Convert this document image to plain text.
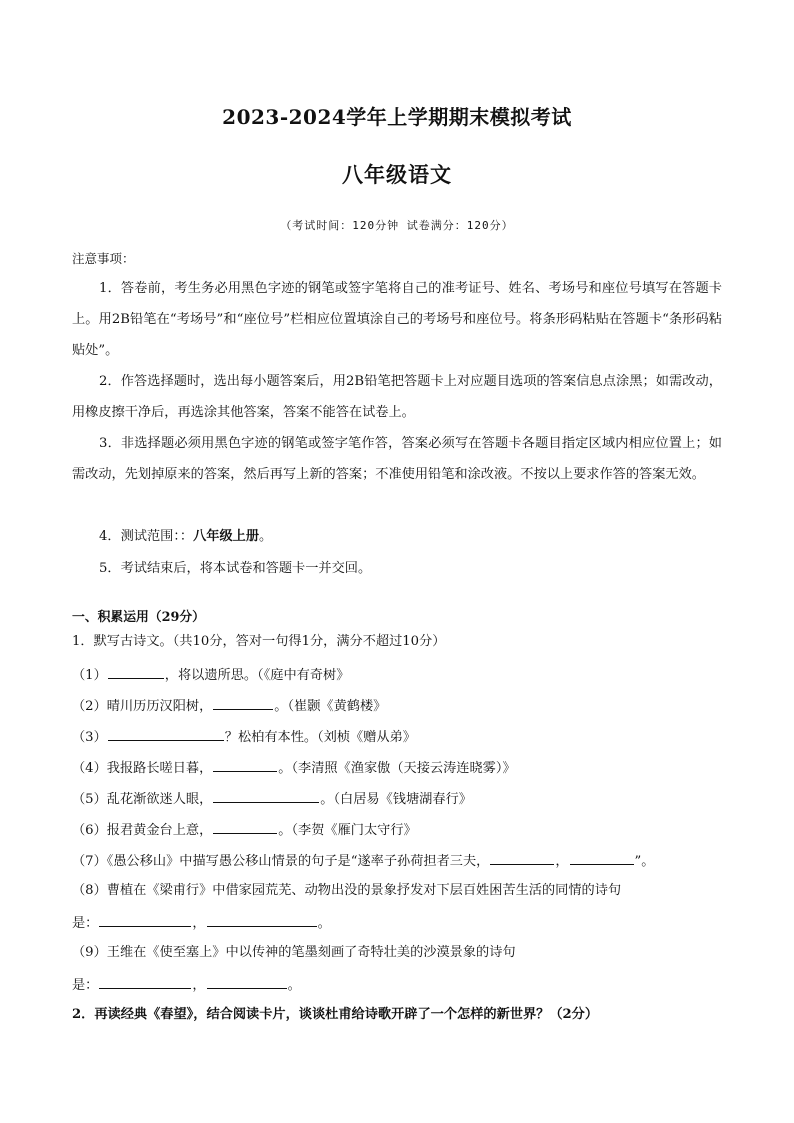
2023-2024学年上学期期末模拟考试
八年级语文
（考试时间：120分钟 试卷满分：120分）
注意事项：
1．答卷前，考生务必用黑色字迹的钢笔或签字笔将自己的准考证号、姓名、考场号和座位号填写在答题卡上。用2B铅笔在“考场号”和“座位号”栏相应位置填涂自己的考场号和座位号。将条形码粘贴在答题卡“条形码粘贴处”。
2．作答选择题时，选出每小题答案后，用2B铅笔把答题卡上对应题目选项的答案信息点涂黑；如需改动，用橡皮擦干净后，再选涂其他答案，答案不能答在试卷上。
3．非选择题必须用黑色字迹的钢笔或签字笔作答，答案必须写在答题卡各题目指定区域内相应位置上；如需改动，先划掉原来的答案，然后再写上新的答案；不准使用铅笔和涂改液。不按以上要求作答的答案无效。
4．测试范围：：八年级上册。
5．考试结束后，将本试卷和答题卡一并交回。
一、积累运用（29分）
1．默写古诗文。（共10分，答对一句得1分，满分不超过10分）
（1）	，将以遗所思。（《庭中有奇树》
（2）晴川历历汉阳树，	。（崔颢《黄鹤楼》
（3）	？松柏有本性。（刘桢《赠从弟》
（4）我报路长嗟日暮，	。（李清照《渔家傲（天接云涛连晓雾）》
（5）乱花渐欲迷人眼，	。（白居易《钱塘湖春行》
（6）报君黄金台上意，	。（李贺《雁门太守行》
（7）《愚公移山》中描写愚公移山情景的句子是“遂率子孙荷担者三夫，	，	”。
（8）曹植在《梁甫行》中借家园荒芜、动物出没的景象抒发对下层百姓困苦生活的同情的诗句
是：	，	。
（9）王维在《使至塞上》中以传神的笔墨刻画了奇特壮美的沙漠景象的诗句
是：	，	。
2．再读经典《春望》，结合阅读卡片，谈谈杜甫给诗歌开辟了一个怎样的新世界？（2分）
